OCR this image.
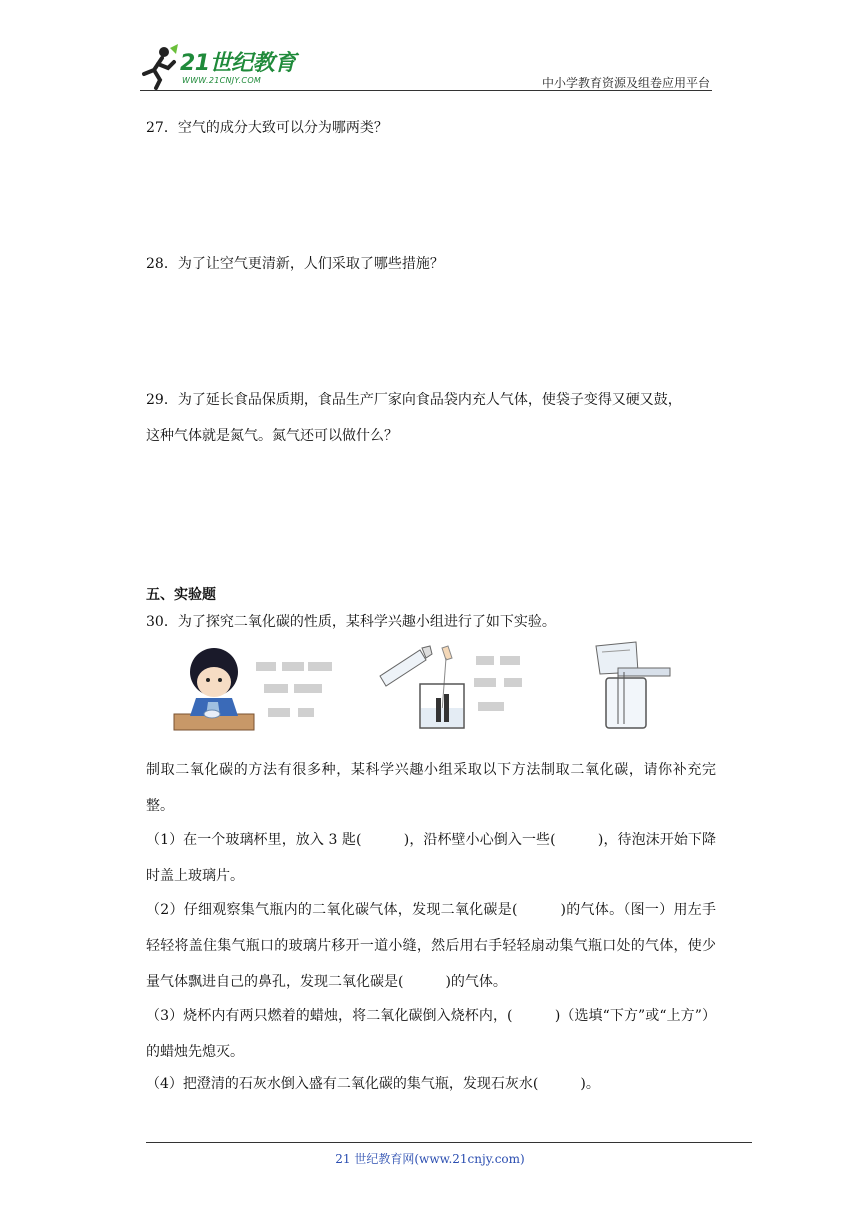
21世纪教育
WWW.21CNJY.COM	中小学教育资源及组卷应用平台
27．空气的成分大致可以分为哪两类？
28．为了让空气更清新，人们采取了哪些措施？
29．为了延长食品保质期，食品生产厂家向食品袋内充人气体，使袋子变得又硬又鼓，
这种气体就是氮气。氮气还可以做什么？
五、实验题
30．为了探究二氧化碳的性质，某科学兴趣小组进行了如下实验。
制取二氧化碳的方法有很多种，某科学兴趣小组采取以下方法制取二氧化碳，请你补充完整。
（1）在一个玻璃杯里，放入 3 匙(　　　)，沿杯壁小心倒入一些(　　　)，待泡沫开始下降时盖上玻璃片。
（2）仔细观察集气瓶内的二氧化碳气体，发现二氧化碳是(　　　)的气体。（图一）用左手轻轻将盖住集气瓶口的玻璃片移开一道小缝，然后用右手轻轻扇动集气瓶口处的气体，使少量气体飘进自己的鼻孔，发现二氧化碳是(　　　)的气体。
（3）烧杯内有两只燃着的蜡烛，将二氧化碳倒入烧杯内，(　　　)（选填“下方”或“上方”）的蜡烛先熄灭。
（4）把澄清的石灰水倒入盛有二氧化碳的集气瓶，发现石灰水(　　　)。
21 世纪教育网(www.21cnjy.com)
